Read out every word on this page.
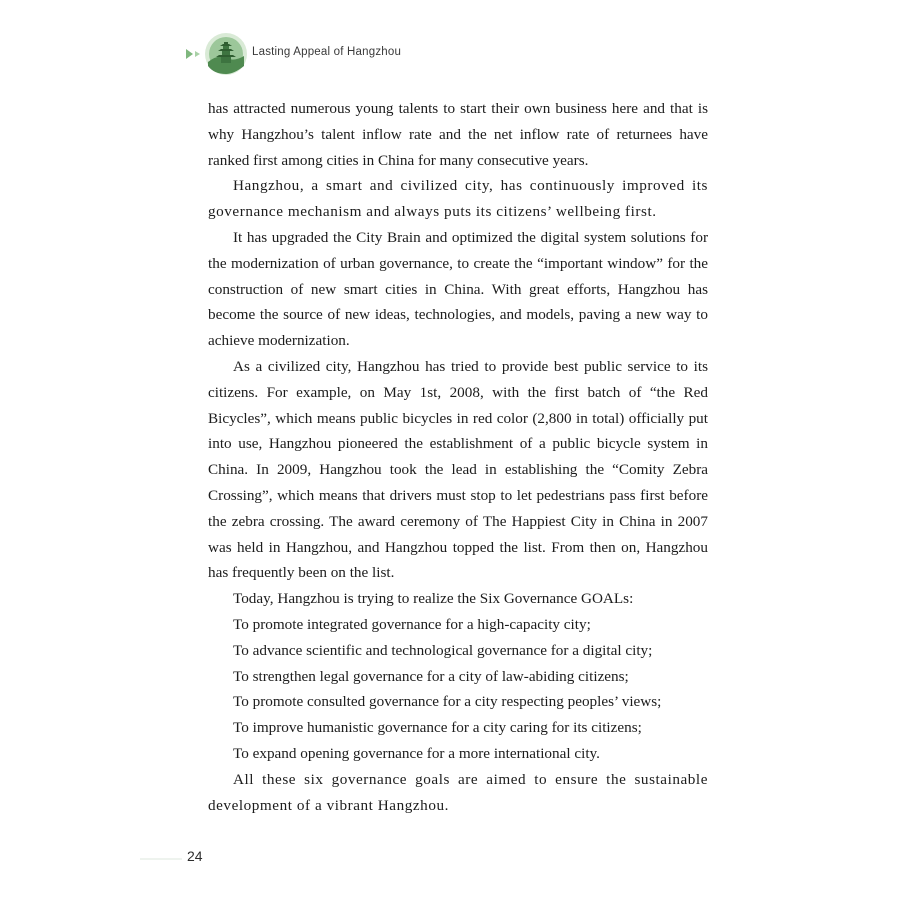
Lasting Appeal of Hangzhou

has attracted numerous young talents to start their own business here and that is why Hangzhou’s talent inflow rate and the net inflow rate of returnees have ranked first among cities in China for many consecutive years.

Hangzhou, a smart and civilized city, has continuously improved its governance mechanism and always puts its citizens’ wellbeing first.

It has upgraded the City Brain and optimized the digital system solutions for the modernization of urban governance, to create the “important window” for the construction of new smart cities in China. With great efforts, Hangzhou has become the source of new ideas, technologies, and models, paving a new way to achieve modernization.

As a civilized city, Hangzhou has tried to provide best public service to its citizens. For example, on May 1st, 2008, with the first batch of “the Red Bicycles”, which means public bicycles in red color (2,800 in total) officially put into use, Hangzhou pioneered the establishment of a public bicycle system in China. In 2009, Hangzhou took the lead in establishing the “Comity Zebra Crossing”, which means that drivers must stop to let pedestrians pass first before the zebra crossing. The award ceremony of The Happiest City in China in 2007 was held in Hangzhou, and Hangzhou topped the list. From then on, Hangzhou has frequently been on the list.

Today, Hangzhou is trying to realize the Six Governance GOALs:

To promote integrated governance for a high-capacity city;

To advance scientific and technological governance for a digital city;

To strengthen legal governance for a city of law-abiding citizens;

To promote consulted governance for a city respecting peoples’ views;

To improve humanistic governance for a city caring for its citizens;

To expand opening governance for a more international city.

All these six governance goals are aimed to ensure the sustainable development of a vibrant Hangzhou.

24
